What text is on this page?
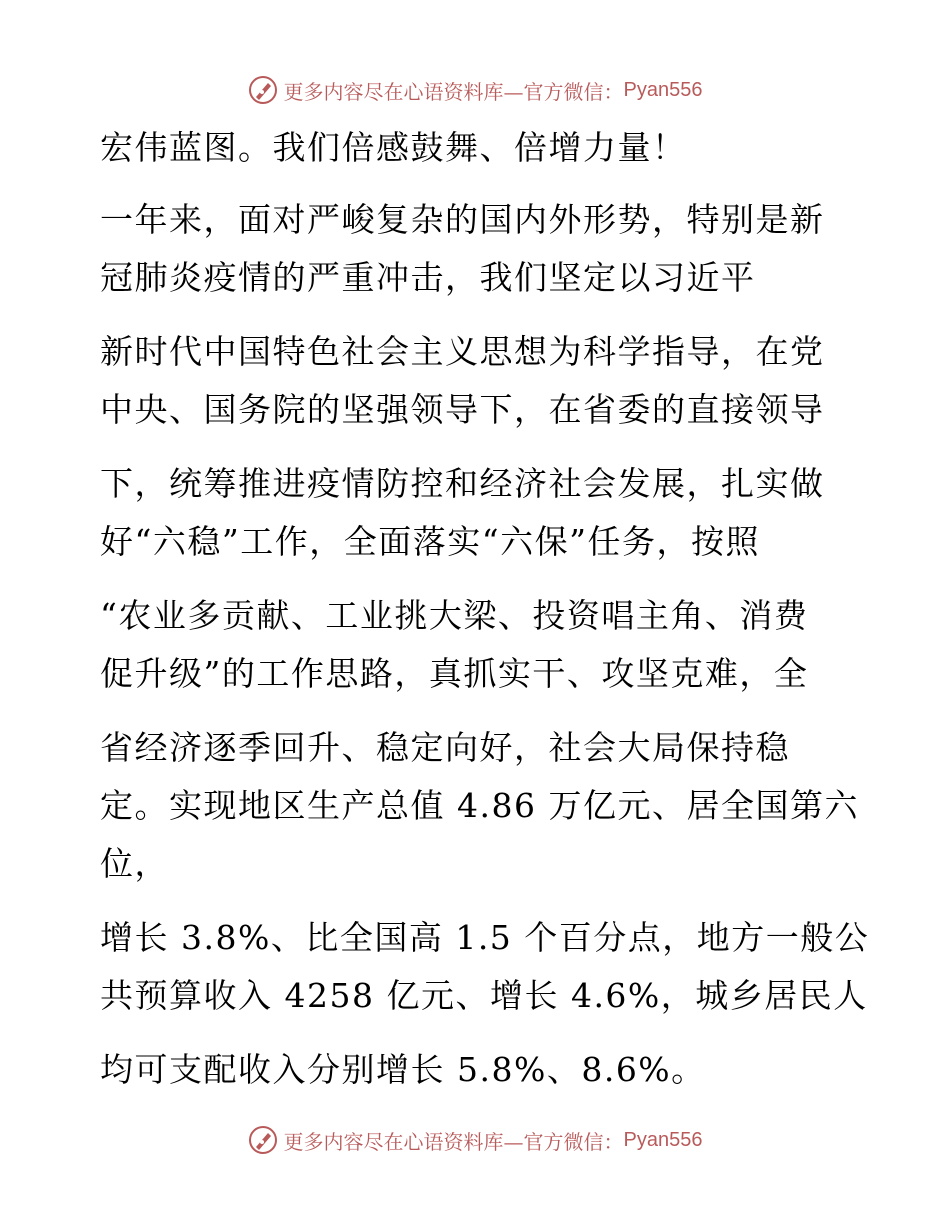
更多内容尽在心语资料库—官方微信： Pyan556
宏伟蓝图。我们倍感鼓舞、倍增力量！
一年来，面对严峻复杂的国内外形势，特别是新
冠肺炎疫情的严重冲击，我们坚定以习近平
新时代中国特色社会主义思想为科学指导，在党
中央、国务院的坚强领导下，在省委的直接领导
下，统筹推进疫情防控和经济社会发展，扎实做
好“六稳”工作，全面落实“六保”任务，按照
“农业多贡献、工业挑大梁、投资唱主角、消费
促升级”的工作思路，真抓实干、攻坚克难，全
省经济逐季回升、稳定向好，社会大局保持稳
定。实现地区生产总值 4.86 万亿元、居全国第六
位，
增长 3.8%、比全国高 1.5 个百分点，地方一般公
共预算收入 4258 亿元、增长 4.6%，城乡居民人
均可支配收入分别增长 5.8%、8.6%。
更多内容尽在心语资料库—官方微信： Pyan556
